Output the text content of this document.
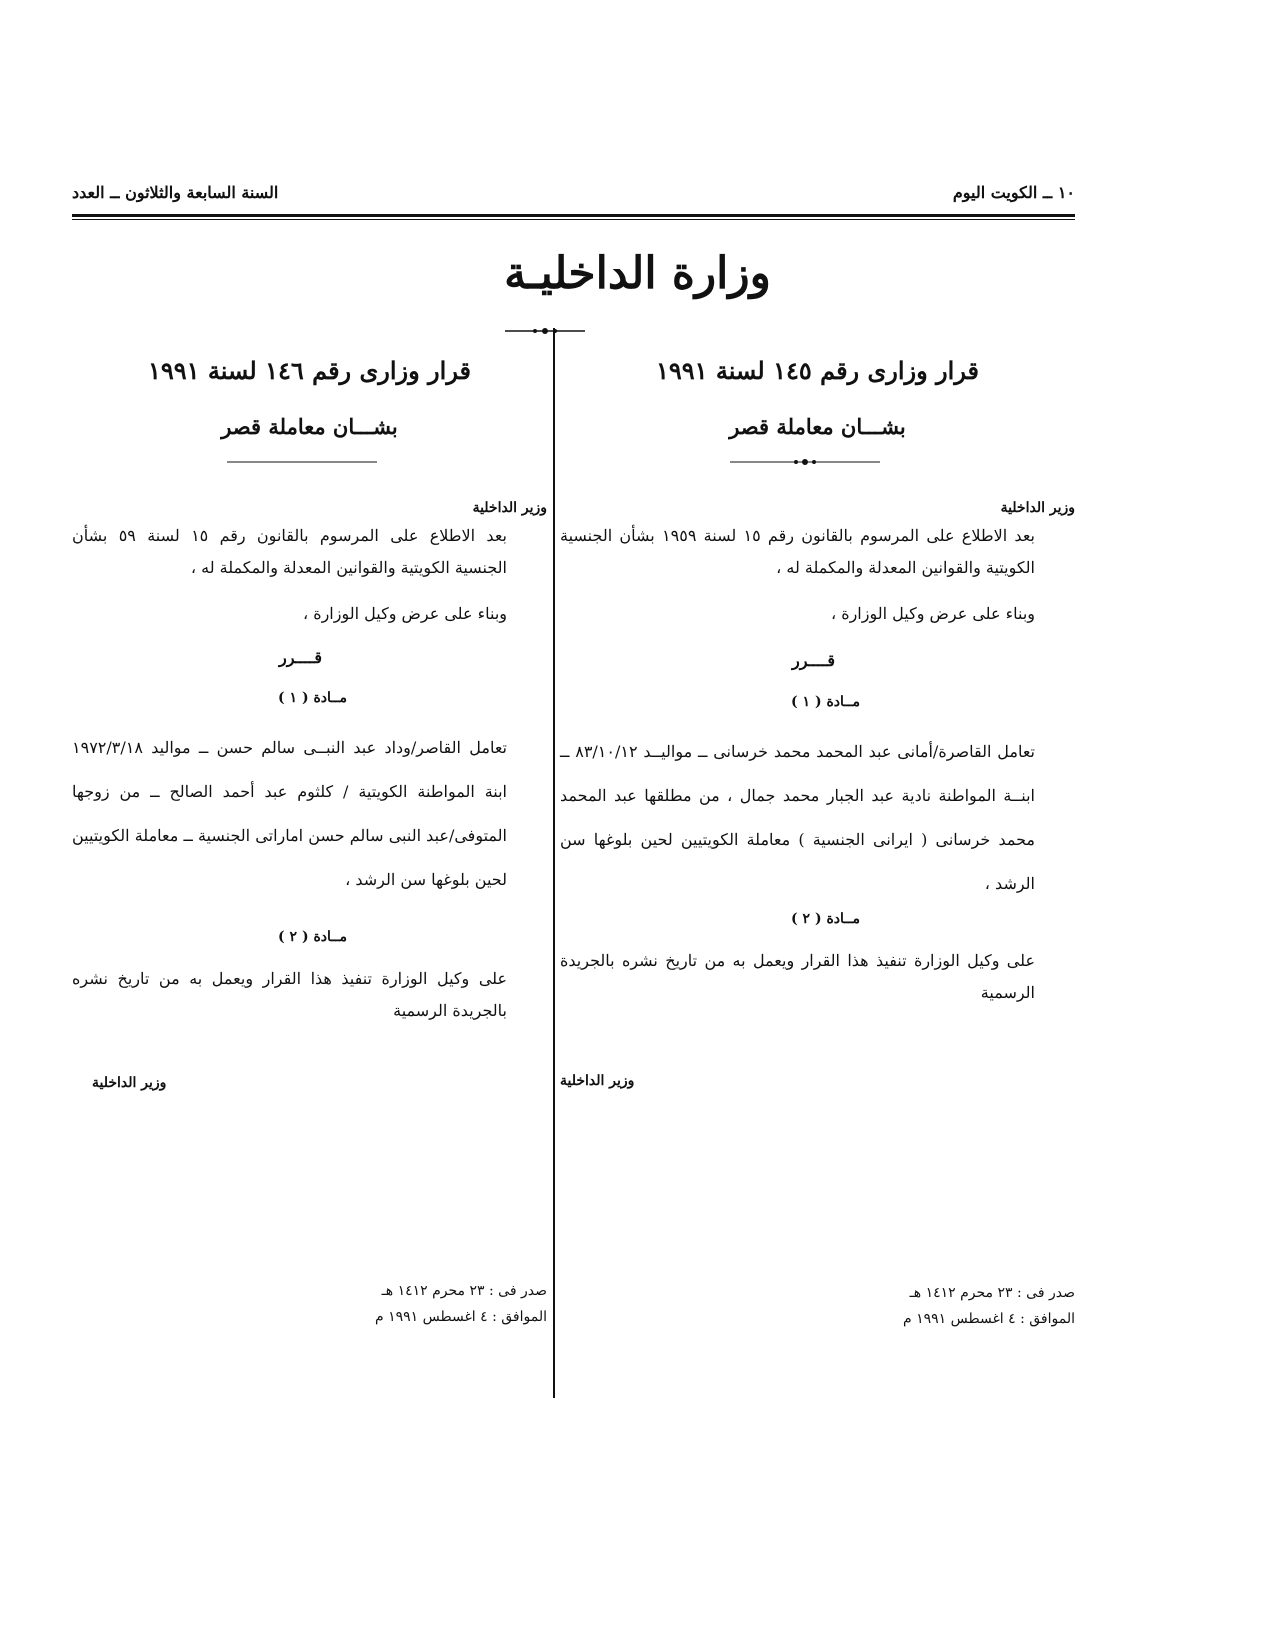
١٠ ــ الكويت اليوم
السنة السابعة والثلاثون ــ العدد
وزارة الداخليـة
قرار وزارى رقم ١٤٥ لسنة ١٩٩١
بشـــان معاملة قصر
وزير الداخلية

بعد الاطلاع على المرسوم بالقانون رقم ١٥ لسنة ١٩٥٩ بشأن الجنسية الكويتية والقوانين المعدلة والمكملة له ،

وبناء على عرض وكيل الوزارة ،

قــــرر
مــادة ( ١ )

تعامل القاصرة/أمانى عبد المحمد محمد خرسانى ــ مواليــد ٨٣/١٠/١٢ ــ ابنــة المواطنة نادية عبد الجبار محمد جمال ، من مطلقها عبد المحمد محمد خرسانى ( ايرانى الجنسية ) معاملة الكويتيين لحين بلوغها سن الرشد ،

مــادة ( ٢ )

على وكيل الوزارة تنفيذ هذا القرار ويعمل به من تاريخ نشره بالجريدة الرسمية

وزير الداخلية
صدر فى : ٢٣ محرم ١٤١٢ هـ
الموافق : ٤ اغسطس ١٩٩١ م
قرار وزارى رقم ١٤٦ لسنة ١٩٩١
بشـــان معاملة قصر
وزير الداخلية

بعد الاطلاع على المرسوم بالقانون رقم ١٥ لسنة ٥٩ بشأن الجنسية الكويتية والقوانين المعدلة والمكملة له ،

وبناء على عرض وكيل الوزارة ،

قــــرر
مــادة ( ١ )

تعامل القاصر/وداد عبد النبــى سالم حسن ــ مواليد ١٩٧٢/٣/١٨ ابنة المواطنة الكويتية / كلثوم عبد أحمد الصالح ــ من زوجها المتوفى/عبد النبى سالم حسن اماراتى الجنسية ــ معاملة الكويتيين لحين بلوغها سن الرشد ،

مــادة ( ٢ )

على وكيل الوزارة تنفيذ هذا القرار ويعمل به من تاريخ نشره بالجريدة الرسمية

وزير الداخلية
صدر فى : ٢٣ محرم ١٤١٢ هـ
الموافق : ٤ اغسطس ١٩٩١ م
